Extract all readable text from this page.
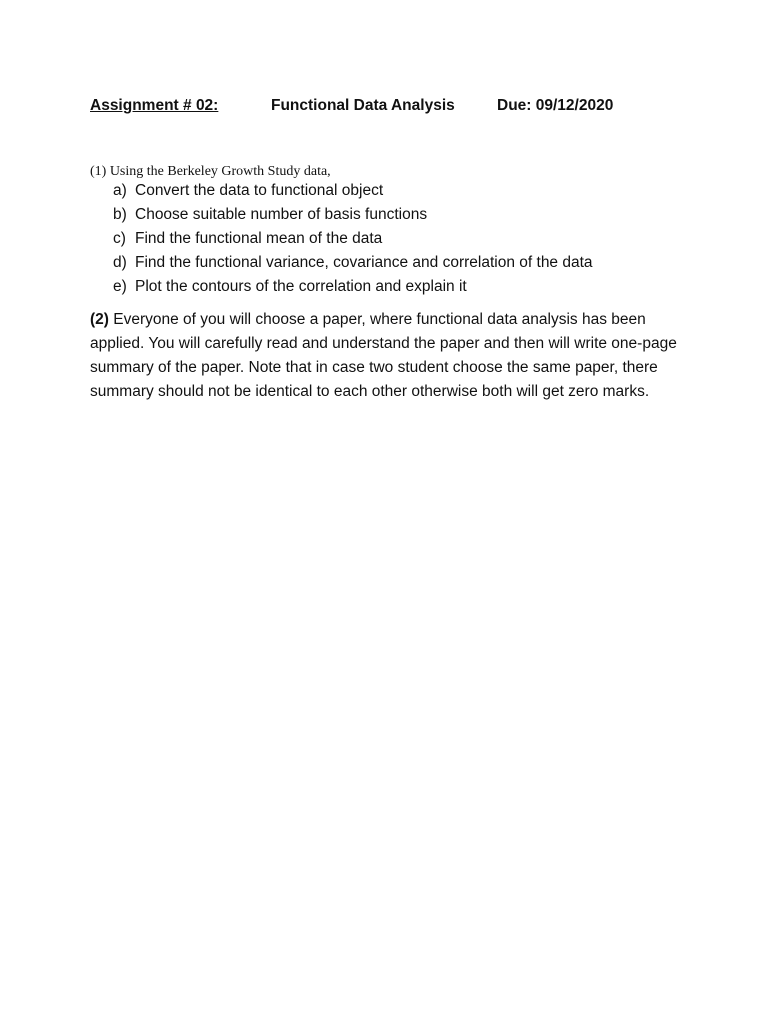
Assignment # 02:	Functional Data Analysis	Due: 09/12/2020
(1) Using the Berkeley Growth Study data,
a) Convert the data to functional object
b) Choose suitable number of basis functions
c) Find the functional mean of the data
d) Find the functional variance, covariance and correlation of the data
e) Plot the contours of the correlation and explain it

(2) Everyone of you will choose a paper, where functional data analysis has been applied. You will carefully read and understand the paper and then will write one-page summary of the paper. Note that in case two student choose the same paper, there summary should not be identical to each other otherwise both will get zero marks.
